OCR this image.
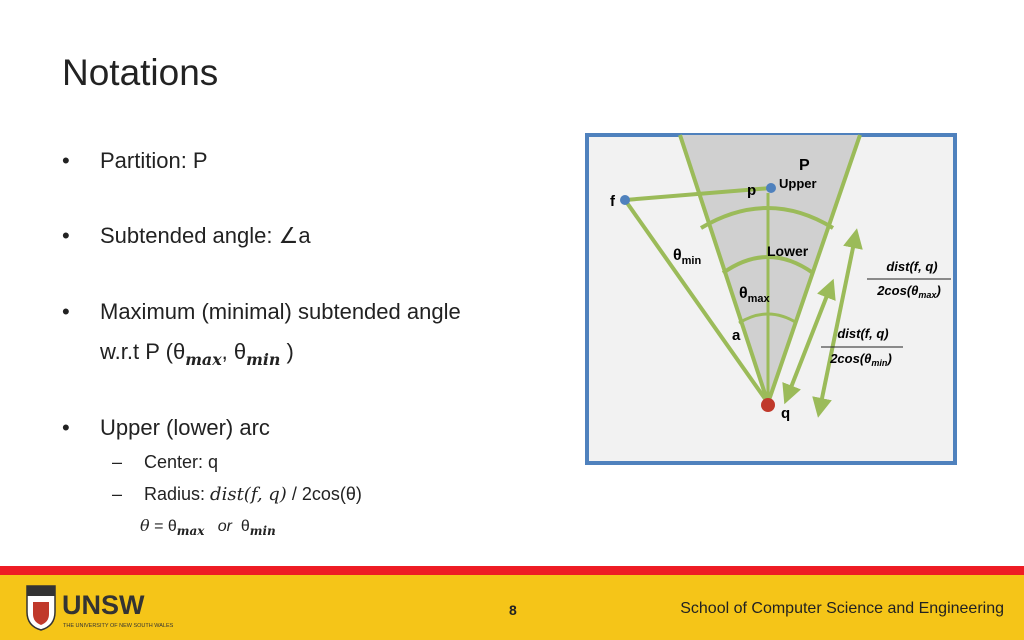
Notations
• Partition: P
• Subtended angle: ∠a
• Maximum (minimal) subtended angle
w.r.t P ($\theta_{max}$, $\theta_{min}$ )
• Upper (lower) arc
– Center: q
– Radius: dist(f, q) / 2cos(θ)
$\theta = \theta_{max}$ or $\theta_{min}$
P
Upper
p
f
$\theta_{min}$
Lower
$\theta_{max}$
a
q
dist(f, q)
$2\cos(\theta_{max})$
dist(f, q)
$2\cos(\theta_{min})$
UNSW
THE UNIVERSITY OF NEW SOUTH WALES
8	School of Computer Science and Engineering
